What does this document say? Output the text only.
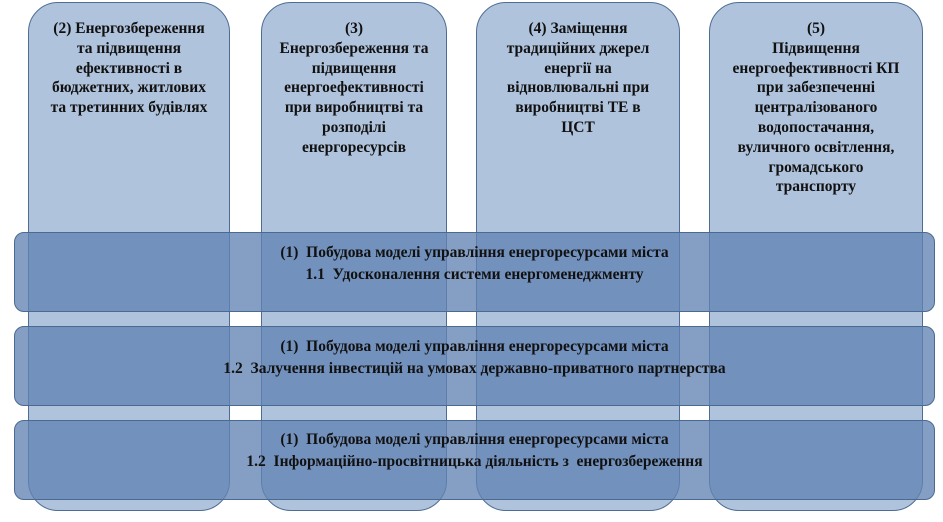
(2) Енергозбереження
та підвищення
ефективності в
бюджетних, житлових
та третинних будівлях
(3)
Енергозбереження та
підвищення
енергоефективності
при виробництві та
розподілі
енергоресурсів
(4) Заміщення
традиційних джерел
енергії на
відновлювальні при
виробництві ТЕ в
ЦСТ
(5)
Підвищення
енергоефективності КП
при забезпеченні
централізованого
водопостачання,
вуличного освітлення,
громадського
транспорту
(1)  Побудова моделі управління енергоресурсами міста
1.1  Удосконалення системи енергоменеджменту
(1)  Побудова моделі управління енергоресурсами міста
1.2  Залучення інвестицій на умовах державно-приватного партнерства
(1)  Побудова моделі управління енергоресурсами міста
1.2  Інформаційно-просвітницька діяльність з  енергозбереження
